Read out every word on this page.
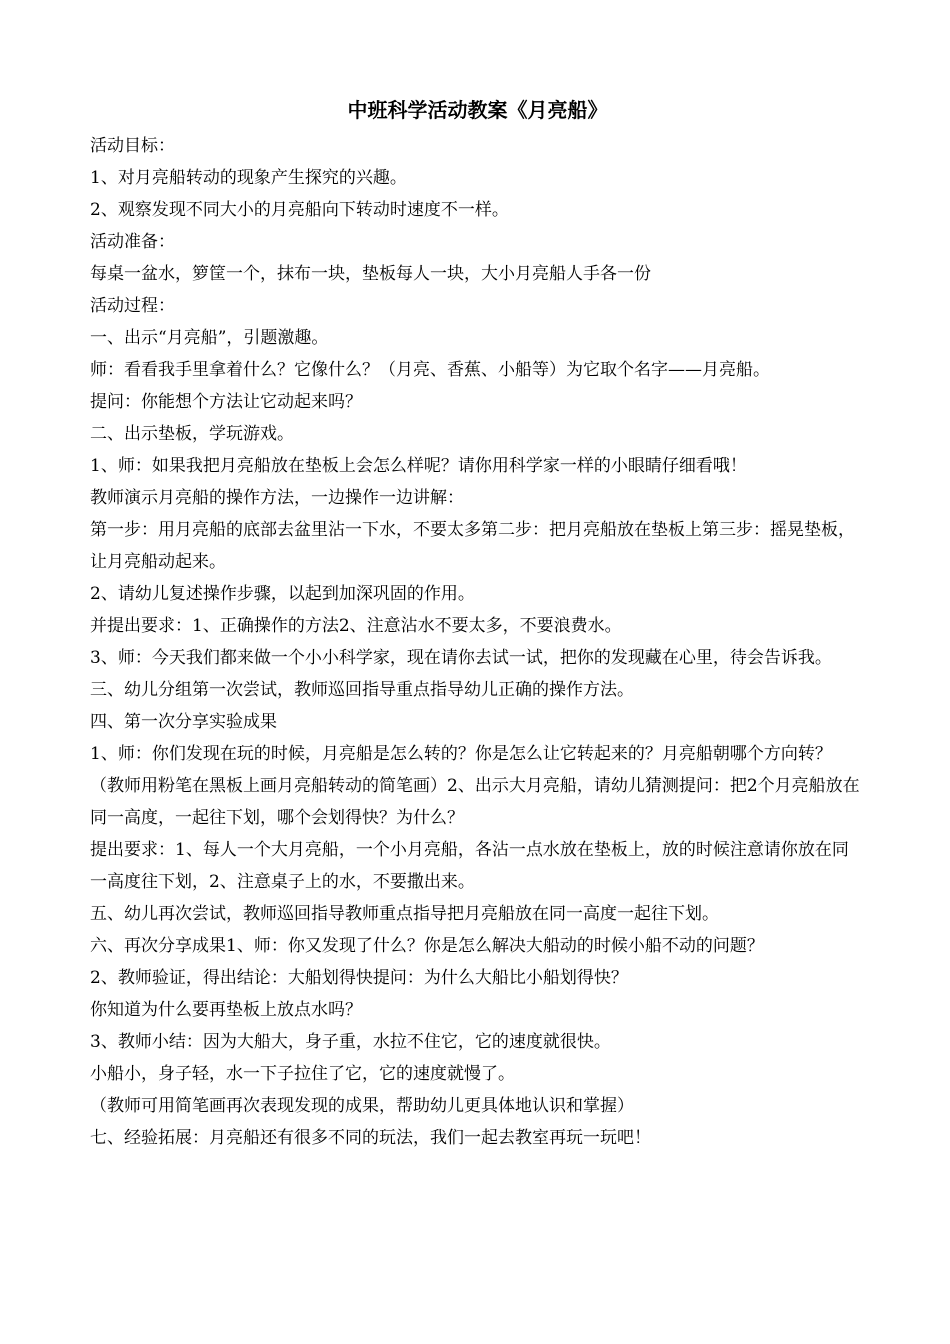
中班科学活动教案《月亮船》

活动目标：

1、对月亮船转动的现象产生探究的兴趣。

2、观察发现不同大小的月亮船向下转动时速度不一样。

活动准备：

每桌一盆水，箩筐一个，抹布一块，垫板每人一块，大小月亮船人手各一份

活动过程：

一、出示“月亮船”，引题激趣。

师：看看我手里拿着什么？它像什么？（月亮、香蕉、小船等）为它取个名字——月亮船。

提问：你能想个方法让它动起来吗？

二、出示垫板，学玩游戏。

1、师：如果我把月亮船放在垫板上会怎么样呢？请你用科学家一样的小眼睛仔细看哦！

教师演示月亮船的操作方法，一边操作一边讲解：

第一步：用月亮船的底部去盆里沾一下水，不要太多第二步：把月亮船放在垫板上第三步：摇晃垫板，让月亮船动起来。

2、请幼儿复述操作步骤，以起到加深巩固的作用。

并提出要求：1、正确操作的方法2、注意沾水不要太多，不要浪费水。

3、师：今天我们都来做一个小小科学家，现在请你去试一试，把你的发现藏在心里，待会告诉我。

三、幼儿分组第一次尝试，教师巡回指导重点指导幼儿正确的操作方法。

四、第一次分享实验成果

1、师：你们发现在玩的时候，月亮船是怎么转的？你是怎么让它转起来的？月亮船朝哪个方向转？

（教师用粉笔在黑板上画月亮船转动的简笔画）2、出示大月亮船，请幼儿猜测提问：把2个月亮船放在同一高度，一起往下划，哪个会划得快？为什么？

提出要求：1、每人一个大月亮船，一个小月亮船，各沾一点水放在垫板上，放的时候注意请你放在同一高度往下划，2、注意桌子上的水，不要撒出来。

五、幼儿再次尝试，教师巡回指导教师重点指导把月亮船放在同一高度一起往下划。

六、再次分享成果1、师：你又发现了什么？你是怎么解决大船动的时候小船不动的问题？

2、教师验证，得出结论：大船划得快提问：为什么大船比小船划得快？

你知道为什么要再垫板上放点水吗？

3、教师小结：因为大船大，身子重，水拉不住它，它的速度就很快。

小船小，身子轻，水一下子拉住了它，它的速度就慢了。

（教师可用简笔画再次表现发现的成果，帮助幼儿更具体地认识和掌握）

七、经验拓展：月亮船还有很多不同的玩法，我们一起去教室再玩一玩吧！
